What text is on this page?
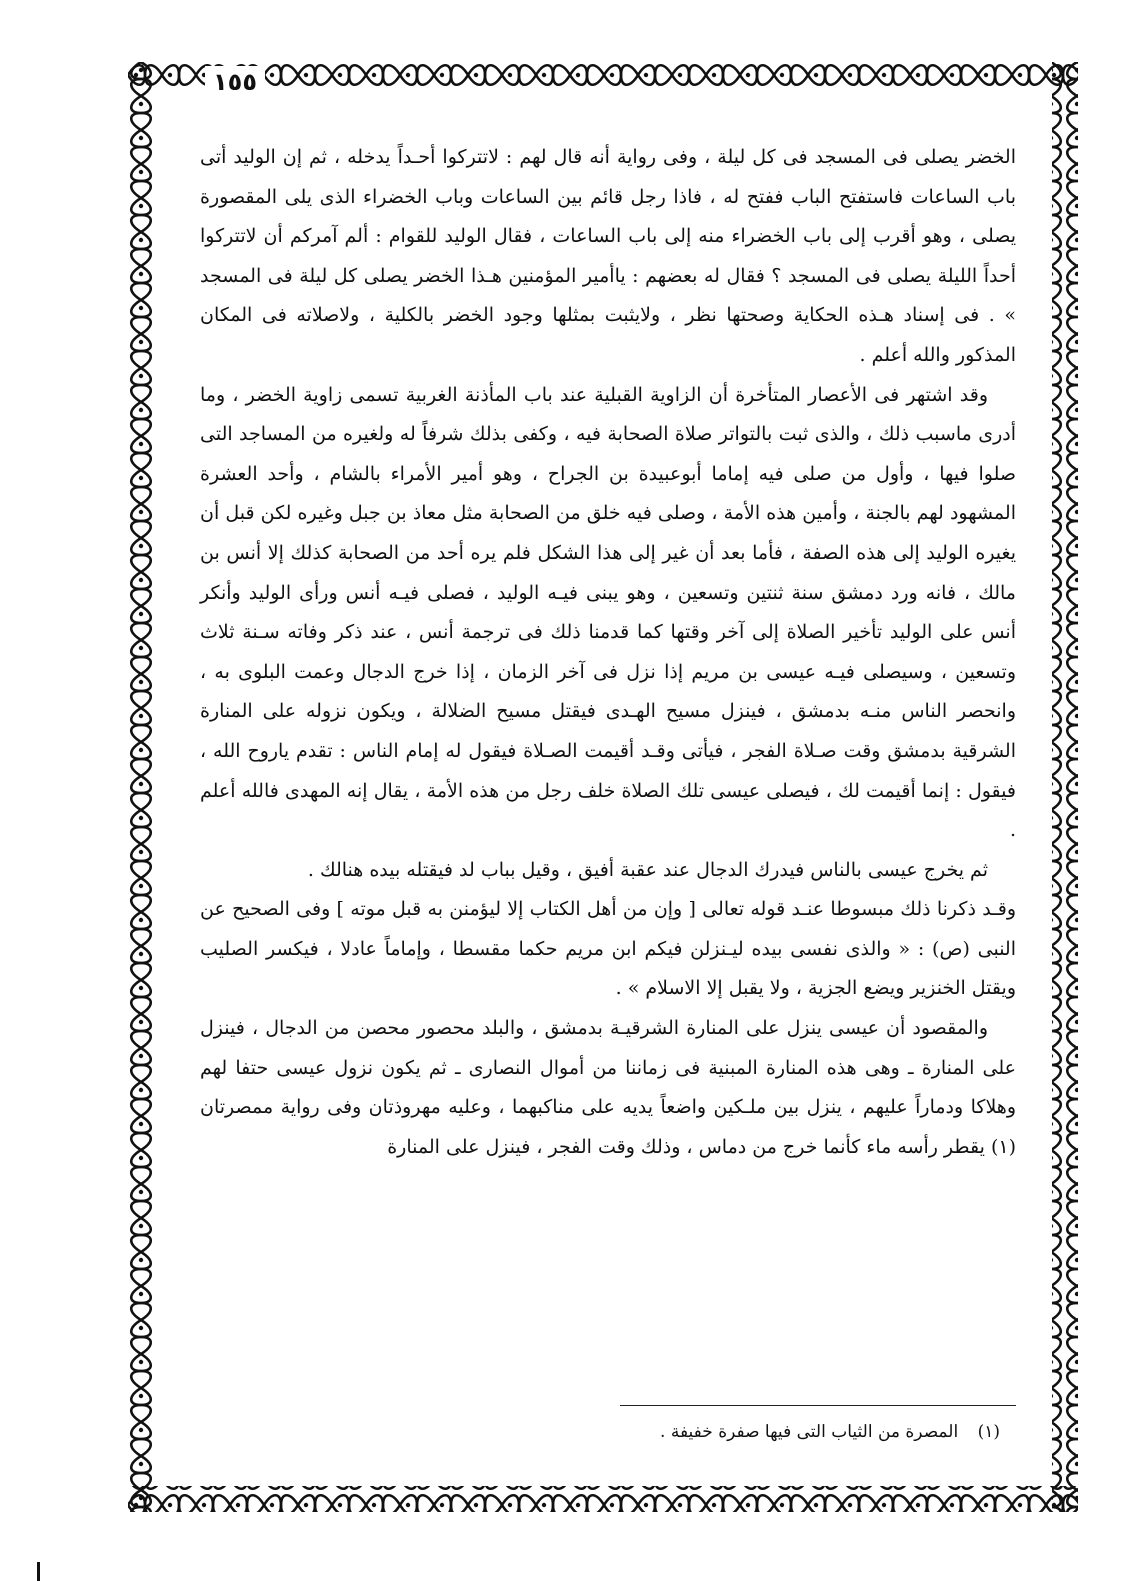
١٥٥

الخضر يصلى فى المسجد فى كل ليلة ، وفى رواية أنه قال لهم : لاتتركوا أحـداً يدخله ، ثم إن الوليد أتى باب الساعات فاستفتح الباب ففتح له ، فاذا رجل قائم بين الساعات وباب الخضراء الذى يلى المقصورة يصلى ، وهو أقرب إلى باب الخضراء منه إلى باب الساعات ، فقال الوليد للقوام : ألم آمركم أن لاتتركوا أحداً الليلة يصلى فى المسجد ؟ فقال له بعضهم : ياأمير المؤمنين هـذا الخضر يصلى كل ليلة فى المسجد » . فى إسناد هـذه الحكاية وصحتها نظر ، ولايثبت بمثلها وجود الخضر بالكلية ، ولاصلاته فى المكان المذكور والله أعلم .

وقد اشتهر فى الأعصار المتأخرة أن الزاوية القبلية عند باب المأذنة الغربية تسمى زاوية الخضر ، وما أدرى ماسبب ذلك ، والذى ثبت بالتواتر صلاة الصحابة فيه ، وكفى بذلك شرفاً له ولغيره من المساجد التى صلوا فيها ، وأول من صلى فيه إماما أبوعبيدة بن الجراح ، وهو أمير الأمراء بالشام ، وأحد العشرة المشهود لهم بالجنة ، وأمين هذه الأمة ، وصلى فيه خلق من الصحابة مثل معاذ بن جبل وغيره لكن قبل أن يغيره الوليد إلى هذه الصفة ، فأما بعد أن غير إلى هذا الشكل فلم يره أحد من الصحابة كذلك إلا أنس بن مالك ، فانه ورد دمشق سنة ثنتين وتسعين ، وهو يبنى فيـه الوليد ، فصلى فيـه أنس ورأى الوليد وأنكر أنس على الوليد تأخير الصلاة إلى آخر وقتها كما قدمنا ذلك فى ترجمة أنس ، عند ذكر وفاته سـنة ثلاث وتسعين ، وسيصلى فيـه عيسى بن مريم إذا نزل فى آخر الزمان ، إذا خرج الدجال وعمت البلوى به ، وانحصر الناس منـه بدمشق ، فينزل مسيح الهـدى فيقتل مسيح الضلالة ، ويكون نزوله على المنارة الشرقية بدمشق وقت صـلاة الفجر ، فيأتى وقـد أقيمت الصـلاة فيقول له إمام الناس : تقدم ياروح الله ، فيقول : إنما أقيمت لك ، فيصلى عيسى تلك الصلاة خلف رجل من هذه الأمة ، يقال إنه المهدى فالله أعلم .

ثم يخرج عيسى بالناس فيدرك الدجال عند عقبة أفيق ، وقيل بباب لد فيقتله بيده هنالك .

وقـد ذكرنا ذلك مبسوطا عنـد قوله تعالى [ وإن من أهل الكتاب إلا ليؤمنن به قبل موته ] وفى الصحيح عن النبى (ص) : « والذى نفسى بيده ليـنزلن فيكم ابن مريم حكما مقسطا ، وإماماً عادلا ، فيكسر الصليب ويقتل الخنزير ويضع الجزية ، ولا يقبل إلا الاسلام » .

والمقصود أن عيسى ينزل على المنارة الشرقيـة بدمشق ، والبلد محصور محصن من الدجال ، فينزل على المنارة ـ وهى هذه المنارة المبنية فى زماننا من أموال النصارى ـ ثم يكون نزول عيسى حتفا لهم وهلاكا ودماراً عليهم ، ينزل بين ملـكين واضعاً يديه على مناكبهما ، وعليه مهروذتان وفى رواية ممصرتان (١) يقطر رأسه ماء كأنما خرج من دماس ، وذلك وقت الفجر ، فينزل على المنارة

(١) المصرة من الثياب التى فيها صفرة خفيفة .
